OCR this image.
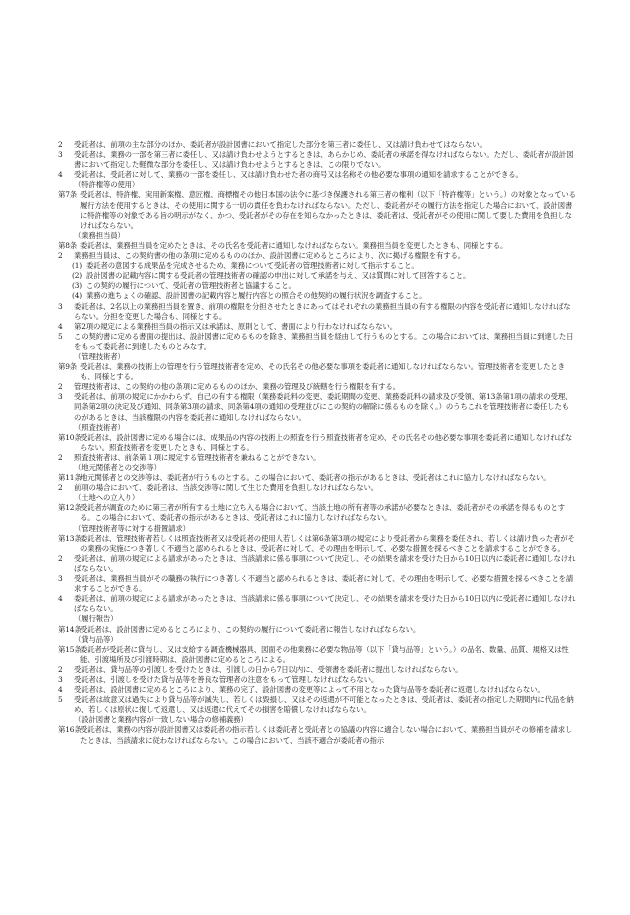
2 受託者は、前項の主な部分のほか、委託者が設計図書において指定した部分を第三者に委任し、又は請け負わせてはならない。
3 受託者は、業務の一部を第三者に委任し、又は請け負わせようとするときは、あらかじめ、委託者の承諾を得なければならない。ただし、委託者が設計図書において指定した軽微な部分を委任し、又は請け負わせようとするときは、この限りでない。
4 受託者は、受託者に対して、業務の一部を委任し、又は請け負わせた者の商号又は名称その他必要な事項の通知を請求することができる。
（特許権等の使用）
第7条 受託者は、特許権、実用新案権、意匠権、商標権その他日本国の法令に基づき保護される第三者の権利（以下「特許権等」という。）の対象となっている履行方法を使用するときは、その使用に関する一切の責任を負わなければならない。ただし、委託者がその履行方法を指定した場合において、設計図書に特許権等の対象である旨の明示がなく、かつ、受託者がその存在を知らなかったときは、委託者は、受託者がその使用に関して要した費用を負担しなければならない。
（業務担当員）
第8条 委託者は、業務担当員を定めたときは、その氏名を受託者に通知しなければならない。業務担当員を変更したときも、同様とする。
2 業務担当員は、この契約書の他の条項に定めるもののほか、設計図書に定めるところにより、次に掲げる権限を有する。
(1) 委託者の意図する成果品を完成させるため、業務について受託者の管理技術者に対して指示すること。
(2) 設計図書の記載内容に関する受託者の管理技術者の確認の申出に対して承諾を与え、又は質問に対して回答すること。
(3) この契約の履行について、受託者の管理技術者と協議すること。
(4) 業務の進ちょくの確認、設計図書の記載内容と履行内容との照合その他契約の履行状況を調査すること。
3 委託者は、2名以上の業務担当員を置き、前項の権限を分担させたときにあってはそれぞれの業務担当員の有する権限の内容を受託者に通知しなければならない。分担を変更した場合も、同様とする。
4 第2項の規定による業務担当員の指示又は承諾は、原則として、書面により行わなければならない。
5 この契約書に定める書面の提出は、設計図書に定めるものを除き、業務担当員を経由して行うものとする。この場合においては、業務担当員に到達した日をもって委託者に到達したものとみなす。
（管理技術者）
第9条 受託者は、業務の技術上の管理を行う管理技術者を定め、その氏名その他必要な事項を委託者に通知しなければならない。管理技術者を変更したときも、同様とする。
2 管理技術者は、この契約の他の条項に定めるもののほか、業務の管理及び統轄を行う権限を有する。
3 受託者は、前項の規定にかかわらず、自己の有する権限（業務委託料の変更、委託期間の変更、業務委託料の請求及び受領、第13条第1項の請求の受理、同条第2項の決定及び通知、同条第3項の請求、同条第4項の通知の受理並びにこの契約の解除に係るものを除く。）のうちこれを管理技術者に委任したものがあるときは、当該権限の内容を委託者に通知しなければならない。
（照査技術者）
第10条
受託者は、設計図書に定める場合には、成果品の内容の技術上の照査を行う照査技術者を定め、その氏名その他必要な事項を委託者に通知しなければならない。照査技術者を変更したときも、同様とする。
2 照査技術者は、前条第１項に規定する管理技術者を兼ねることができない。
（地元関係者との交渉等）
第11条
地元関係者との交渉等は、委託者が行うものとする。この場合において、委託者の指示があるときは、受託者はこれに協力しなければならない。
2 前項の場合において、委託者は、当該交渉等に関して生じた費用を負担しなければならない。
（土地への立入り）
第12条
受託者が調査のために第三者が所有する土地に立ち入る場合において、当該土地の所有者等の承諾が必要なときは、委託者がその承諾を得るものとする。この場合において、委託者の指示があるときは、受託者はこれに協力しなければならない。
（管理技術者等に対する措置請求）
第13条
委託者は、管理技術者若しくは照査技術者又は受託者の使用人若しくは第6条第3項の規定により受託者から業務を委任され、若しくは請け負った者がその業務の実施につき著しく不適当と認められるときは、受託者に対して、その理由を明示して、必要な措置を採るべきことを請求することができる。
2 受託者は、前項の規定による請求があったときは、当該請求に係る事項について決定し、その結果を請求を受けた日から10日以内に委託者に通知しなければならない。
3 受託者は、業務担当員がその職務の執行につき著しく不適当と認められるときは、委託者に対して、その理由を明示して、必要な措置を採るべきことを請求することができる。
4 委託者は、前項の規定による請求があったときは、当該請求に係る事項について決定し、その結果を請求を受けた日から10日以内に受託者に通知しなければならない。
（履行報告）
第14条
受託者は、設計図書に定めるところにより、この契約の履行について委託者に報告しなければならない。
（貸与品等）
第15条
委託者が受託者に貸与し、又は支給する調査機械器具、図面その他業務に必要な物品等（以下「貸与品等」という。）の品名、数量、品質、規格又は性能、引渡場所及び引渡時期は、設計図書に定めるところによる。
2 受託者は、貸与品等の引渡しを受けたときは、引渡しの日から7日以内に、受領書を委託者に提出しなければならない。
3 受託者は、引渡しを受けた貸与品等を善良な管理者の注意をもって管理しなければならない。
4 受託者は、設計図書に定めるところにより、業務の完了、設計図書の変更等によって不用となった貸与品等を委託者に返還しなければならない。
5 受託者は故意又は過失により貸与品等が滅失し、若しくは毀損し、又はその返還が不可能となったときは、受託者は、委託者の指定した期間内に代品を納め、若しくは原状に復して返還し、又は返還に代えてその損害を賠償しなければならない。
（設計図書と業務内容が一致しない場合の修補義務）
第16条
受託者は、業務の内容が設計図書又は委託者の指示若しくは委託者と受託者との協議の内容に適合しない場合において、業務担当員がその修補を請求したときは、当該請求に従わなければならない。この場合において、当該不適合が委託者の指示
